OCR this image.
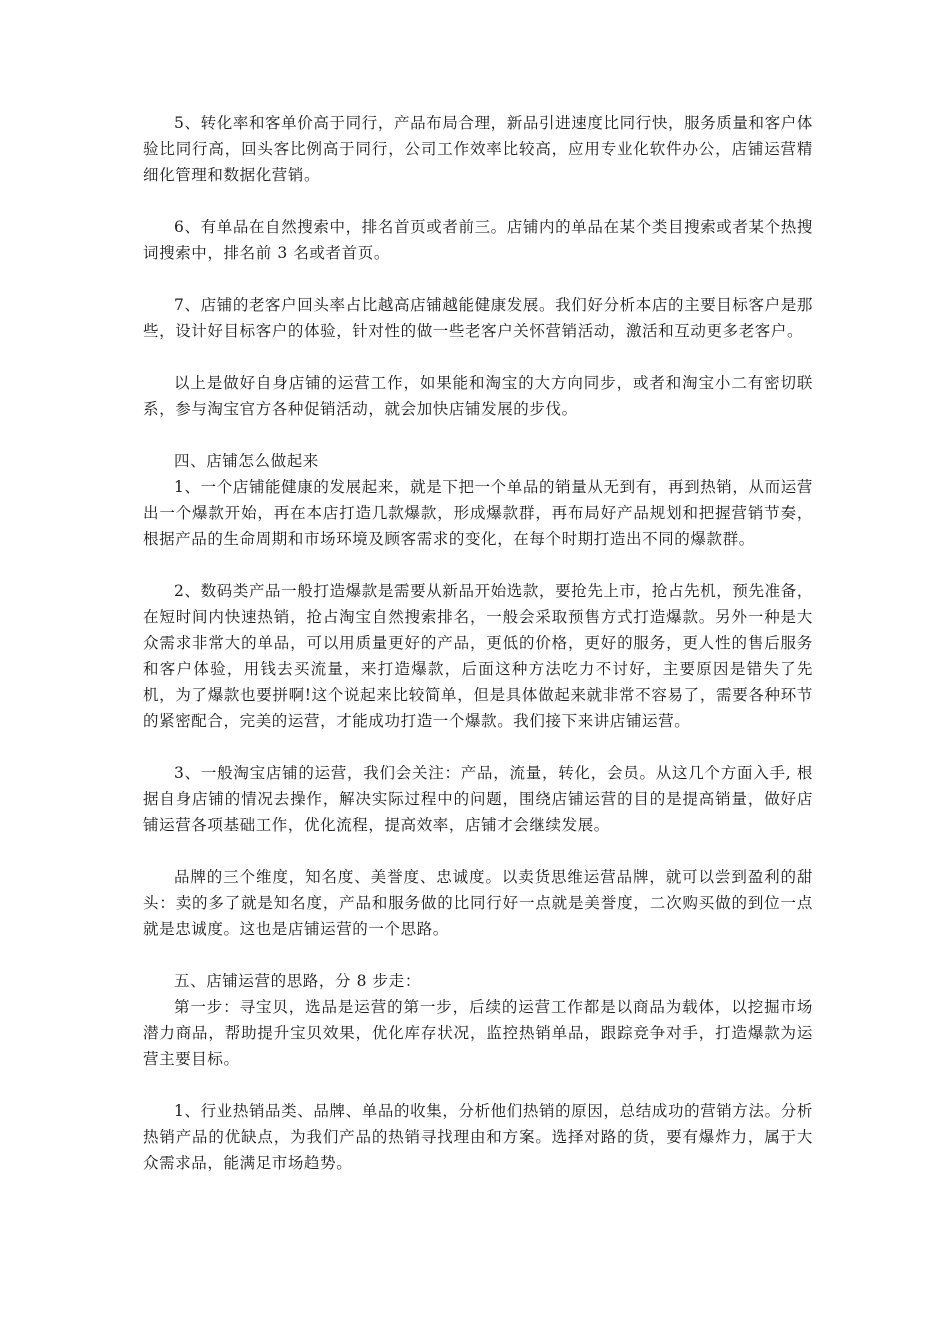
5、转化率和客单价高于同行，产品布局合理，新品引进速度比同行快，服务质量和客户体验比同行高，回头客比例高于同行，公司工作效率比较高，应用专业化软件办公，店铺运营精细化管理和数据化营销。

6、有单品在自然搜索中，排名首页或者前三。店铺内的单品在某个类目搜索或者某个热搜词搜索中，排名前 3 名或者首页。

7、店铺的老客户回头率占比越高店铺越能健康发展。我们好分析本店的主要目标客户是那些，设计好目标客户的体验，针对性的做一些老客户关怀营销活动，激活和互动更多老客户。

以上是做好自身店铺的运营工作，如果能和淘宝的大方向同步，或者和淘宝小二有密切联系，参与淘宝官方各种促销活动，就会加快店铺发展的步伐。

四、店铺怎么做起来

1、一个店铺能健康的发展起来，就是下把一个单品的销量从无到有，再到热销，从而运营出一个爆款开始，再在本店打造几款爆款，形成爆款群，再布局好产品规划和把握营销节奏，根据产品的生命周期和市场环境及顾客需求的变化，在每个时期打造出不同的爆款群。

2、数码类产品一般打造爆款是需要从新品开始选款，要抢先上市，抢占先机，预先准备，在短时间内快速热销，抢占淘宝自然搜索排名，一般会采取预售方式打造爆款。另外一种是大众需求非常大的单品，可以用质量更好的产品，更低的价格，更好的服务，更人性的售后服务和客户体验，用钱去买流量，来打造爆款，后面这种方法吃力不讨好，主要原因是错失了先机，为了爆款也要拼啊!这个说起来比较简单，但是具体做起来就非常不容易了，需要各种环节的紧密配合，完美的运营，才能成功打造一个爆款。我们接下来讲店铺运营。

3、一般淘宝店铺的运营，我们会关注：产品，流量，转化，会员。从这几个方面入手, 根据自身店铺的情况去操作，解决实际过程中的问题，围绕店铺运营的目的是提高销量，做好店铺运营各项基础工作，优化流程，提高效率，店铺才会继续发展。

品牌的三个维度，知名度、美誉度、忠诚度。以卖货思维运营品牌，就可以尝到盈利的甜头：卖的多了就是知名度，产品和服务做的比同行好一点就是美誉度，二次购买做的到位一点就是忠诚度。这也是店铺运营的一个思路。

五、店铺运营的思路，分 8 步走：

第一步：寻宝贝，选品是运营的第一步，后续的运营工作都是以商品为载体，以挖掘市场潜力商品，帮助提升宝贝效果，优化库存状况，监控热销单品，跟踪竞争对手，打造爆款为运营主要目标。

1、行业热销品类、品牌、单品的收集，分析他们热销的原因，总结成功的营销方法。分析热销产品的优缺点，为我们产品的热销寻找理由和方案。选择对路的货，要有爆炸力，属于大众需求品，能满足市场趋势。
